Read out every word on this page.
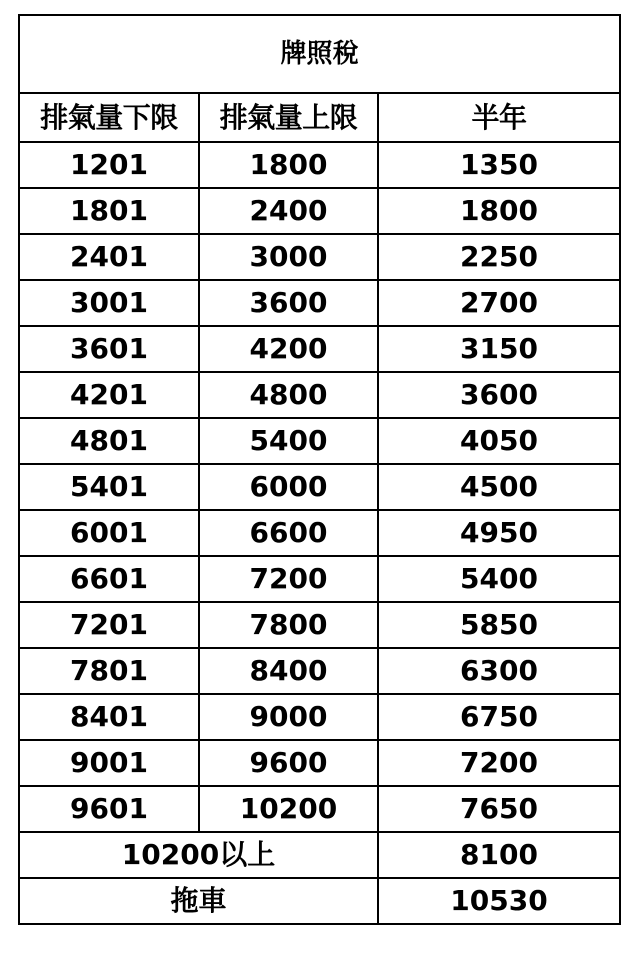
牌照稅		
排氣量下限	排氣量上限	半年
1201	1800	1350
1801	2400	1800
2401	3000	2250
3001	3600	2700
3601	4200	3150
4201	4800	3600
4801	5400	4050
5401	6000	4500
6001	6600	4950
6601	7200	5400
7201	7800	5850
7801	8400	6300
8401	9000	6750
9001	9600	7200
9601	10200	7650
10200以上		8100
拖車		10530
